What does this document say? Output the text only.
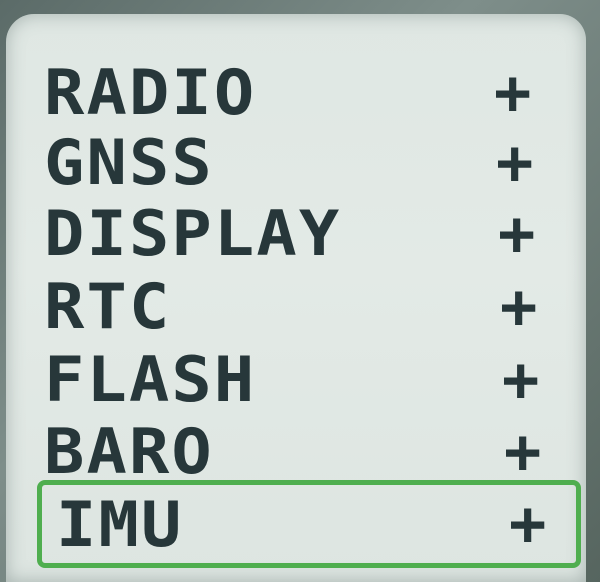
RADIO	+
GNSS	+
DISPLAY	+
RTC	+
FLASH	+
BARO	+
IMU	+
